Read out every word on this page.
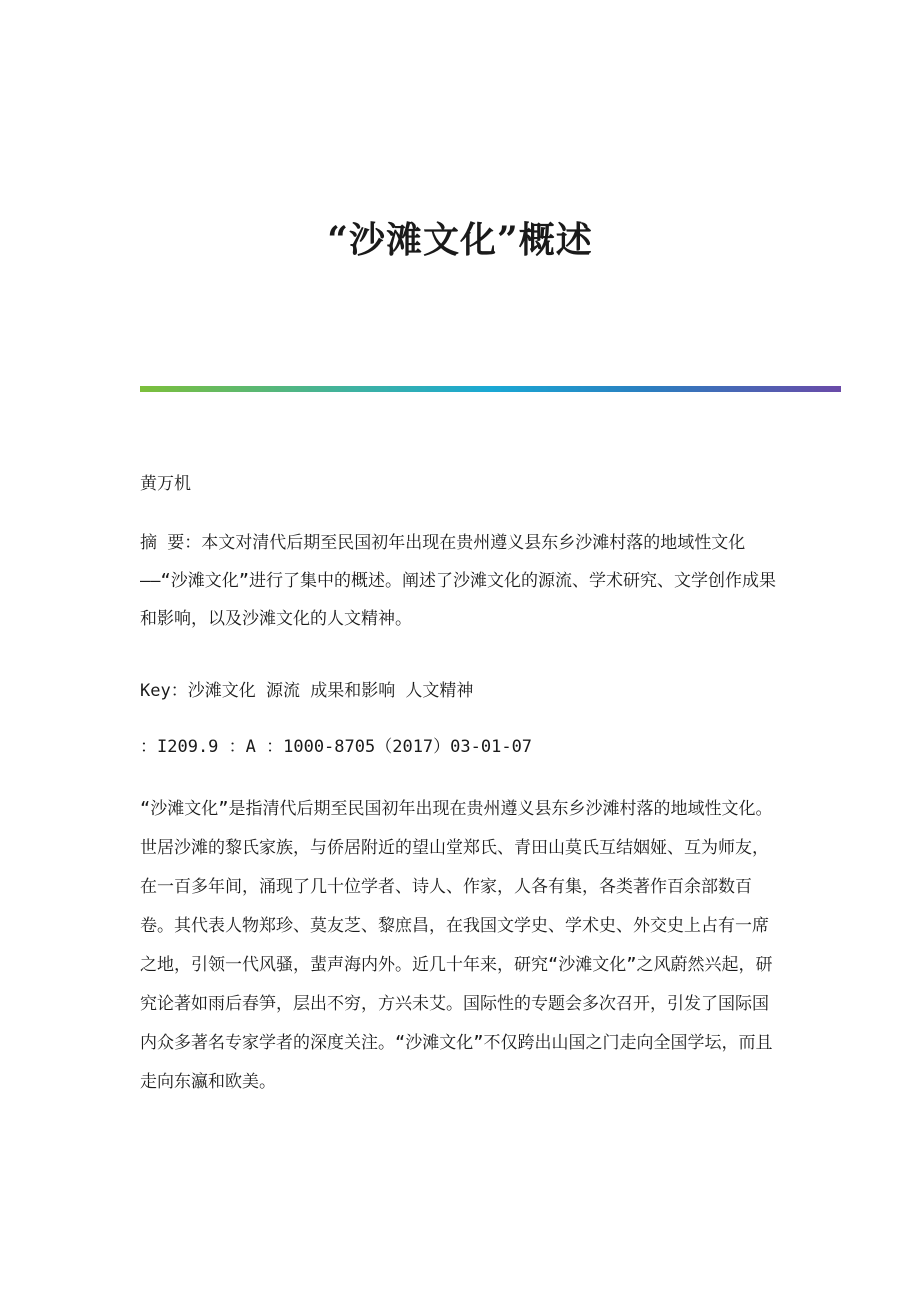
“沙滩文化”概述
黄万机
摘 要：本文对清代后期至民国初年出现在贵州遵义县东乡沙滩村落的地域性文化——“沙滩文化”进行了集中的概述。阐述了沙滩文化的源流、学术研究、文学创作成果和影响，以及沙滩文化的人文精神。
Key：沙滩文化 源流 成果和影响 人文精神
：I209.9 ：A ：1000-8705（2017）03-01-07
“沙滩文化”是指清代后期至民国初年出现在贵州遵义县东乡沙滩村落的地域性文化。世居沙滩的黎氏家族，与侨居附近的望山堂郑氏、青田山莫氏互结姻娅、互为师友，在一百多年间，涌现了几十位学者、诗人、作家，人各有集，各类著作百余部数百卷。其代表人物郑珍、莫友芝、黎庶昌，在我国文学史、学术史、外交史上占有一席之地，引领一代风骚，蜚声海内外。近几十年来，研究“沙滩文化”之风蔚然兴起，研究论著如雨后春笋，层出不穷，方兴未艾。国际性的专题会多次召开，引发了国际国内众多著名专家学者的深度关注。“沙滩文化”不仅跨出山国之门走向全国学坛，而且走向东瀛和欧美。
